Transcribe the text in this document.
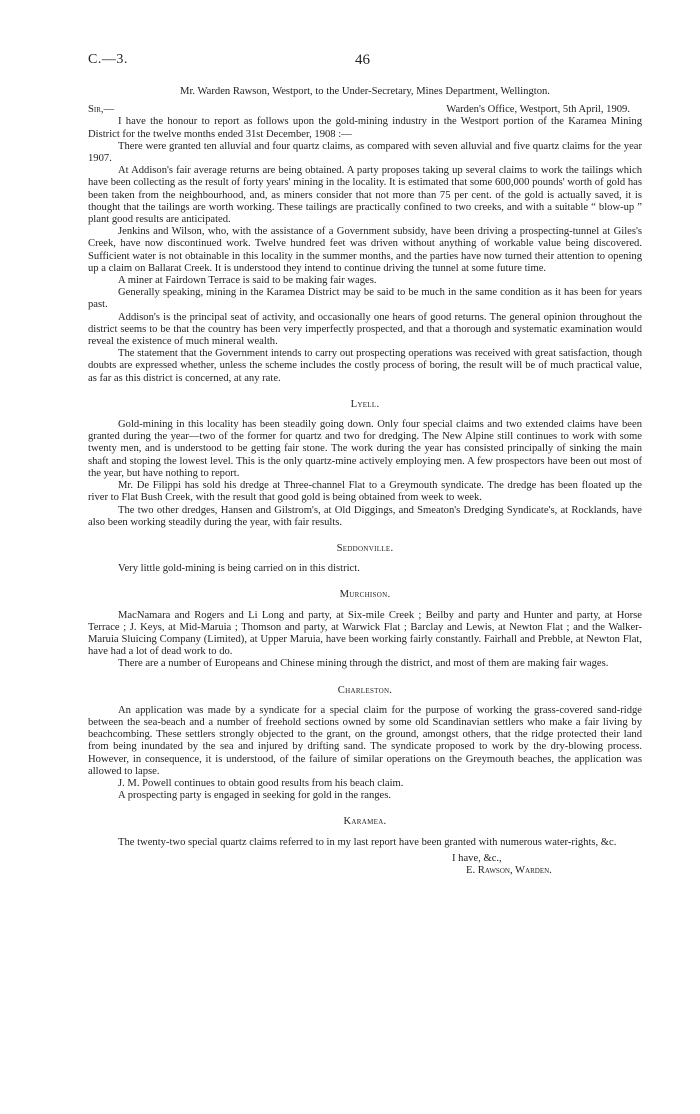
C.—3.	46
Mr. Warden Rawson, Westport, to the Under-Secretary, Mines Department, Wellington.
Sir,—	Warden's Office, Westport, 5th April, 1909.

I have the honour to report as follows upon the gold-mining industry in the Westport portion of the Karamea Mining District for the twelve months ended 31st December, 1908 :—

There were granted ten alluvial and four quartz claims, as compared with seven alluvial and five quartz claims for the year 1907.

At Addison's fair average returns are being obtained. A party proposes taking up several claims to work the tailings which have been collecting as the result of forty years' mining in the locality. It is estimated that some 600,000 pounds' worth of gold has been taken from the neighbourhood, and, as miners consider that not more than 75 per cent. of the gold is actually saved, it is thought that the tailings are worth working. These tailings are practically confined to two creeks, and with a suitable “ blow-up ” plant good results are anticipated.

Jenkins and Wilson, who, with the assistance of a Government subsidy, have been driving a prospecting-tunnel at Giles's Creek, have now discontinued work. Twelve hundred feet was driven without anything of workable value being discovered. Sufficient water is not obtainable in this locality in the summer months, and the parties have now turned their attention to opening up a claim on Ballarat Creek. It is understood they intend to continue driving the tunnel at some future time.

A miner at Fairdown Terrace is said to be making fair wages.

Generally speaking, mining in the Karamea District may be said to be much in the same condition as it has been for years past.

Addison's is the principal seat of activity, and occasionally one hears of good returns. The general opinion throughout the district seems to be that the country has been very imperfectly prospected, and that a thorough and systematic examination would reveal the existence of much mineral wealth.

The statement that the Government intends to carry out prospecting operations was received with great satisfaction, though doubts are expressed whether, unless the scheme includes the costly process of boring, the result will be of much practical value, as far as this district is concerned, at any rate.

Lyell.

Gold-mining in this locality has been steadily going down. Only four special claims and two extended claims have been granted during the year—two of the former for quartz and two for dredging. The New Alpine still continues to work with some twenty men, and is understood to be getting fair stone. The work during the year has consisted principally of sinking the main shaft and stoping the lowest level. This is the only quartz-mine actively employing men. A few prospectors have been out most of the year, but have nothing to report.

Mr. De Filippi has sold his dredge at Three-channel Flat to a Greymouth syndicate. The dredge has been floated up the river to Flat Bush Creek, with the result that good gold is being obtained from week to week.

The two other dredges, Hansen and Gilstrom's, at Old Diggings, and Smeaton's Dredging Syndicate's, at Rocklands, have also been working steadily during the year, with fair results.

Seddonville.

Very little gold-mining is being carried on in this district.

Murchison.

MacNamara and Rogers and Li Long and party, at Six-mile Creek ; Beilby and party and Hunter and party, at Horse Terrace ; J. Keys, at Mid-Maruia ; Thomson and party, at Warwick Flat ; Barclay and Lewis, at Newton Flat ; and the Walker-Maruia Sluicing Company (Limited), at Upper Maruia, have been working fairly constantly. Fairhall and Prebble, at Newton Flat, have had a lot of dead work to do.

There are a number of Europeans and Chinese mining through the district, and most of them are making fair wages.

Charleston.

An application was made by a syndicate for a special claim for the purpose of working the grass-covered sand-ridge between the sea-beach and a number of freehold sections owned by some old Scandinavian settlers who make a fair living by beachcombing. These settlers strongly objected to the grant, on the ground, amongst others, that the ridge protected their land from being inundated by the sea and injured by drifting sand. The syndicate proposed to work by the dry-blowing process. However, in consequence, it is understood, of the failure of similar operations on the Greymouth beaches, the application was allowed to lapse.

J. M. Powell continues to obtain good results from his beach claim.

A prospecting party is engaged in seeking for gold in the ranges.

Karamea.

The twenty-two special quartz claims referred to in my last report have been granted with numerous water-rights, &c.

I have, &c.,

E. Rawson, Warden.
